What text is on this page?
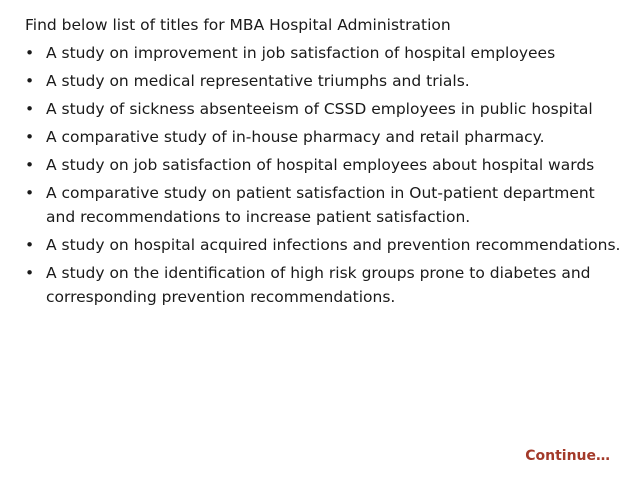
Find below list of titles for MBA Hospital Administration
• A study on improvement in job satisfaction of hospital employees
• A study on medical representative triumphs and trials.
• A study of sickness absenteeism of CSSD employees in public hospital
• A comparative study of in-house pharmacy and retail pharmacy.
• A study on job satisfaction of hospital employees about hospital wards
• A comparative study on patient satisfaction in Out-patient department and recommendations to increase patient satisfaction.
• A study on hospital acquired infections and prevention recommendations.
• A study on the identification of high risk groups prone to diabetes and corresponding prevention recommendations.
Continue…
